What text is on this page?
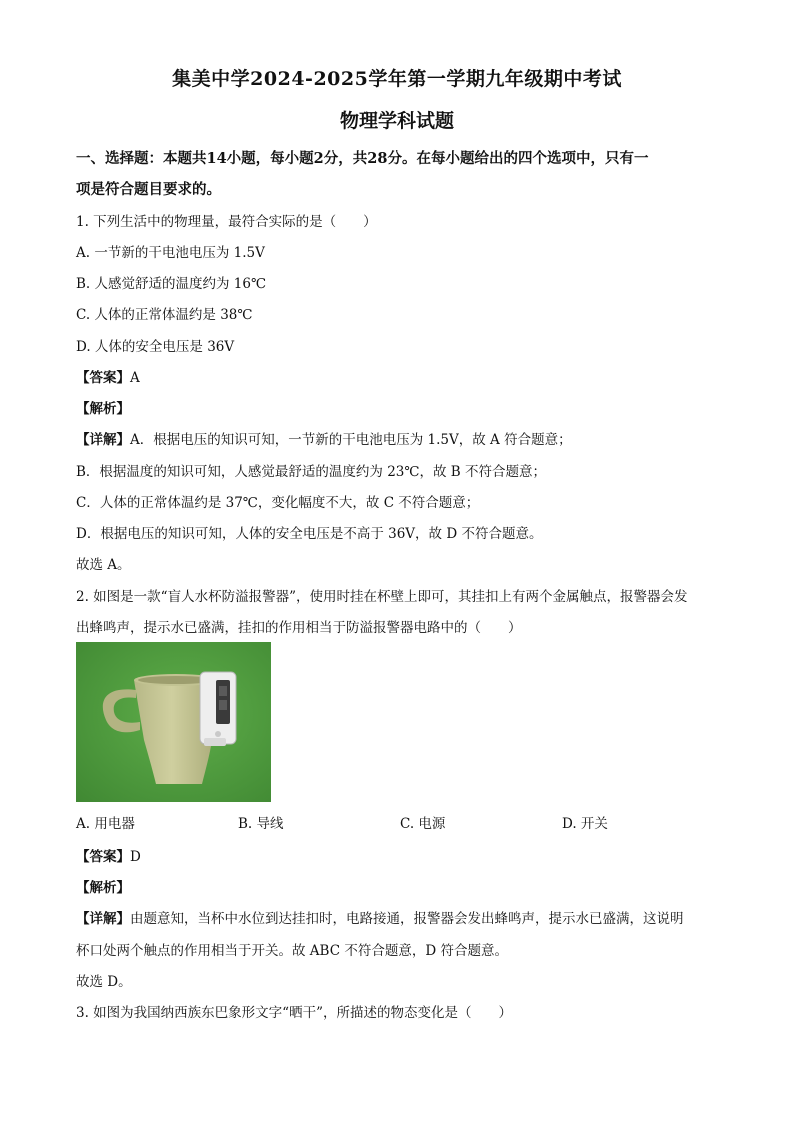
集美中学2024-2025学年第一学期九年级期中考试
物理学科试题
一、选择题：本题共14小题，每小题2分，共28分。在每小题给出的四个选项中，只有一
项是符合题目要求的。
1. 下列生活中的物理量，最符合实际的是（　　）
A. 一节新的干电池电压为 1.5V
B. 人感觉舒适的温度约为 16℃
C. 人体的正常体温约是 38℃
D. 人体的安全电压是 36V
【答案】A
【解析】
【详解】A．根据电压的知识可知，一节新的干电池电压为 1.5V，故 A 符合题意；
B．根据温度的知识可知，人感觉最舒适的温度约为 23℃，故 B 不符合题意；
C．人体的正常体温约是 37℃，变化幅度不大，故 C 不符合题意；
D．根据电压的知识可知，人体的安全电压是不高于 36V，故 D 不符合题意。
故选 A。
2. 如图是一款“盲人水杯防溢报警器”，使用时挂在杯壁上即可，其挂扣上有两个金属触点，报警器会发
出蜂鸣声，提示水已盛满，挂扣的作用相当于防溢报警器电路中的（　　）
A. 用电器	B. 导线	C. 电源	D. 开关
【答案】D
【解析】
【详解】由题意知，当杯中水位到达挂扣时，电路接通，报警器会发出蜂鸣声，提示水已盛满，这说明
杯口处两个触点的作用相当于开关。故 ABC 不符合题意，D 符合题意。
故选 D。
3. 如图为我国纳西族东巴象形文字“晒干”，所描述的物态变化是（　　）
